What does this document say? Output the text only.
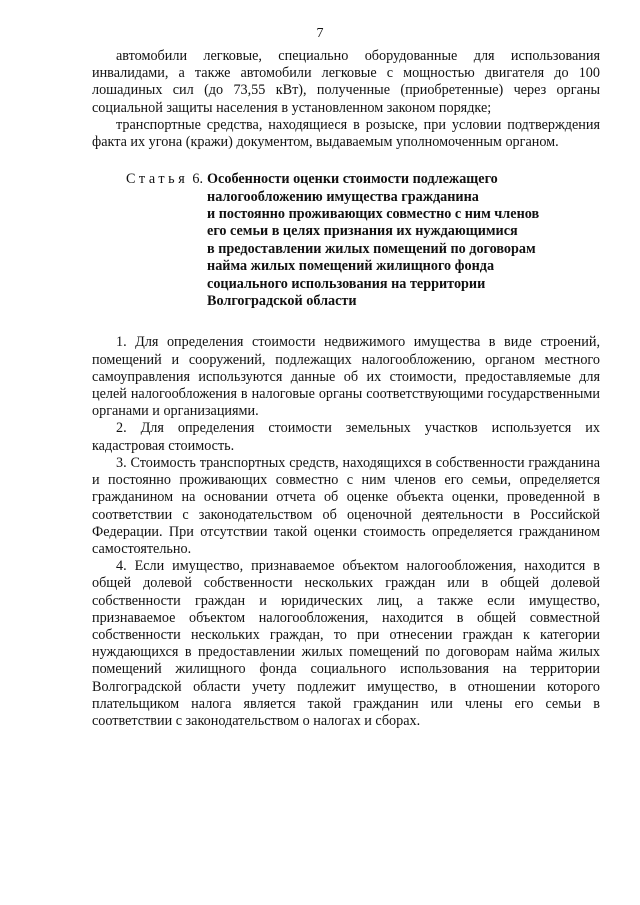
7

автомобили легковые, специально оборудованные для использования инвалидами, а также автомобили легковые с мощностью двигателя до 100 лошадиных сил (до 73,55 кВт), полученные (приобретенные) через органы социальной защиты населения в установленном законом порядке;

транспортные средства, находящиеся в розыске, при условии подтверждения факта их угона (кражи) документом, выдаваемым уполномоченным органом.

Статья 6. Особенности оценки стоимости подлежащего
налогообложению имущества гражданина
и постоянно проживающих совместно с ним членов
его семьи в целях признания их нуждающимися
в предоставлении жилых помещений по договорам
найма жилых помещений жилищного фонда
социального использования на территории
Волгоградской области

1. Для определения стоимости недвижимого имущества в виде строений, помещений и сооружений, подлежащих налогообложению, органом местного самоуправления используются данные об их стоимости, предоставляемые для целей налогообложения в налоговые органы соответствующими государственными органами и организациями.

2. Для определения стоимости земельных участков используется их кадастровая стоимость.

3. Стоимость транспортных средств, находящихся в собственности гражданина и постоянно проживающих совместно с ним членов его семьи, определяется гражданином на основании отчета об оценке объекта оценки, проведенной в соответствии с законодательством об оценочной деятельности в Российской Федерации. При отсутствии такой оценки стоимость определяется гражданином самостоятельно.

4. Если имущество, признаваемое объектом налогообложения, находится в общей долевой собственности нескольких граждан или в общей долевой собственности граждан и юридических лиц, а также если имущество, признаваемое объектом налогообложения, находится в общей совместной собственности нескольких граждан, то при отнесении граждан к категории нуждающихся в предоставлении жилых помещений по договорам найма жилых помещений жилищного фонда социального использования на территории Волгоградской области учету подлежит имущество, в отношении которого плательщиком налога является такой гражданин или члены его семьи в соответствии с законодательством о налогах и сборах.
